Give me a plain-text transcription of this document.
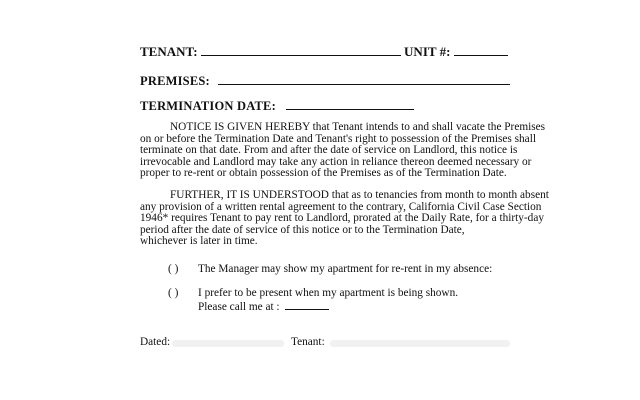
TENANT:	UNIT #:
PREMISES:
TERMINATION DATE:

NOTICE IS GIVEN HEREBY that Tenant intends to and shall vacate the Premises

on or before the Termination Date and Tenant's right to possession of the Premises shall

terminate on that date. From and after the date of service on Landlord, this notice is

irrevocable and Landlord may take any action in reliance thereon deemed necessary or

proper to re-rent or obtain possession of the Premises as of the Termination Date.

FURTHER, IT IS UNDERSTOOD that as to tenancies from month to month absent

any provision of a written rental agreement to the contrary, California Civil Case Section

1946* requires Tenant to pay rent to Landlord, prorated at the Daily Rate, for a thirty-day

period after the date of service of this notice or to the Termination Date,

whichever is later in time.

( ) The Manager may show my apartment for re-rent in my absence:
( ) I prefer to be present when my apartment is being shown.
Please call me at :
Dated:	Tenant:
